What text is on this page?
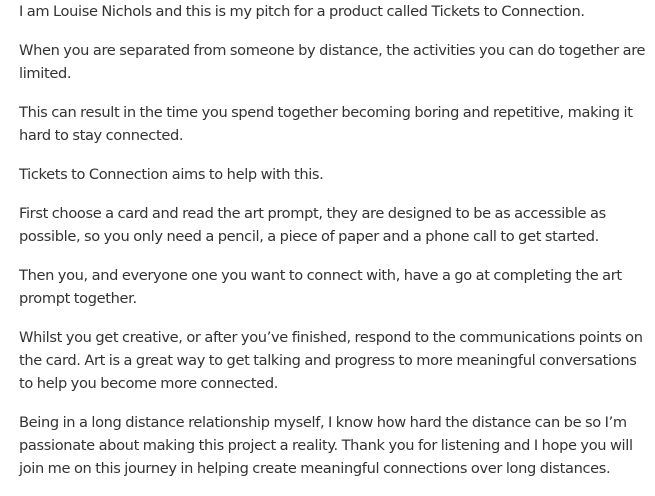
I am Louise Nichols and this is my pitch for a product called Tickets to Connection.

When you are separated from someone by distance, the activities you can do together are limited.

This can result in the time you spend together becoming boring and repetitive, making it hard to stay connected.

Tickets to Connection aims to help with this.

First choose a card and read the art prompt, they are designed to be as accessible as possible, so you only need a pencil, a piece of paper and a phone call to get started.

Then you, and everyone one you want to connect with, have a go at completing the art prompt together.

Whilst you get creative, or after you’ve finished, respond to the communications points on the card. Art is a great way to get talking and progress to more meaningful conversations to help you become more connected.

Being in a long distance relationship myself, I know how hard the distance can be so I’m passionate about making this project a reality. Thank you for listening and I hope you will join me on this journey in helping create meaningful connections over long distances.
